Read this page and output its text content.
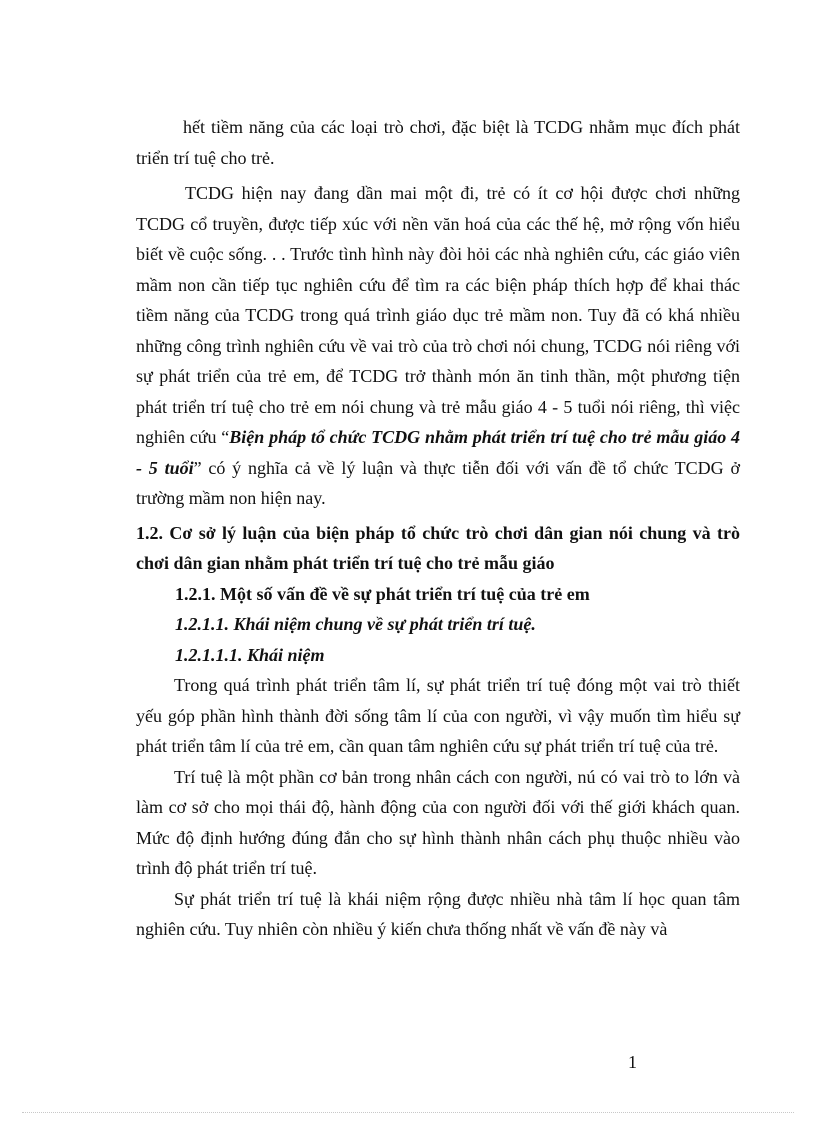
hết tiềm năng của các loại trò chơi, đặc biệt là TCDG nhằm mục đích phát triển trí tuệ cho trẻ.

TCDG hiện nay đang dần mai một đi, trẻ có ít cơ hội được chơi những TCDG cổ truyền, được tiếp xúc với nền văn hoá của các thế hệ, mở rộng vốn hiểu biết về cuộc sống. . . Trước tình hình này đòi hỏi các nhà nghiên cứu, các giáo viên mầm non cần tiếp tục nghiên cứu để tìm ra các biện pháp thích hợp để khai thác tiềm năng của TCDG trong quá trình giáo dục trẻ mầm non. Tuy đã có khá nhiều những công trình nghiên cứu về vai trò của trò chơi nói chung, TCDG nói riêng với sự phát triển của trẻ em, để TCDG trở thành món ăn tinh thần, một phương tiện phát triển trí tuệ cho trẻ em nói chung và trẻ mẫu giáo 4 - 5 tuổi nói riêng, thì việc nghiên cứu “Biện pháp tổ chức TCDG nhằm phát triển trí tuệ cho trẻ mẫu giáo 4 - 5 tuổi” có ý nghĩa cả về lý luận và thực tiễn đối với vấn đề tổ chức TCDG ở trường mầm non hiện nay.

1.2. Cơ sở lý luận của biện pháp tổ chức trò chơi dân gian nói chung và trò chơi dân gian nhằm phát triển trí tuệ cho trẻ mẫu giáo

1.2.1. Một số vấn đề về sự phát triển trí tuệ của trẻ em

1.2.1.1. Khái niệm chung về sự phát triển trí tuệ.

1.2.1.1.1. Khái niệm

Trong quá trình phát triển tâm lí, sự phát triển trí tuệ đóng một vai trò thiết yếu góp phần hình thành đời sống tâm lí của con người, vì vậy muốn tìm hiểu sự phát triển tâm lí của trẻ em, cần quan tâm nghiên cứu sự phát triển trí tuệ của trẻ.

Trí tuệ là một phần cơ bản trong nhân cách con người, nú có vai trò to lớn và làm cơ sở cho mọi thái độ, hành động của con người đối với thế giới khách quan. Mức độ định hướng đúng đắn cho sự hình thành nhân cách phụ thuộc nhiều vào trình độ phát triển trí tuệ.

Sự phát triển trí tuệ là khái niệm rộng được nhiều nhà tâm lí học quan tâm nghiên cứu. Tuy nhiên còn nhiều ý kiến chưa thống nhất về vấn đề này và

1
